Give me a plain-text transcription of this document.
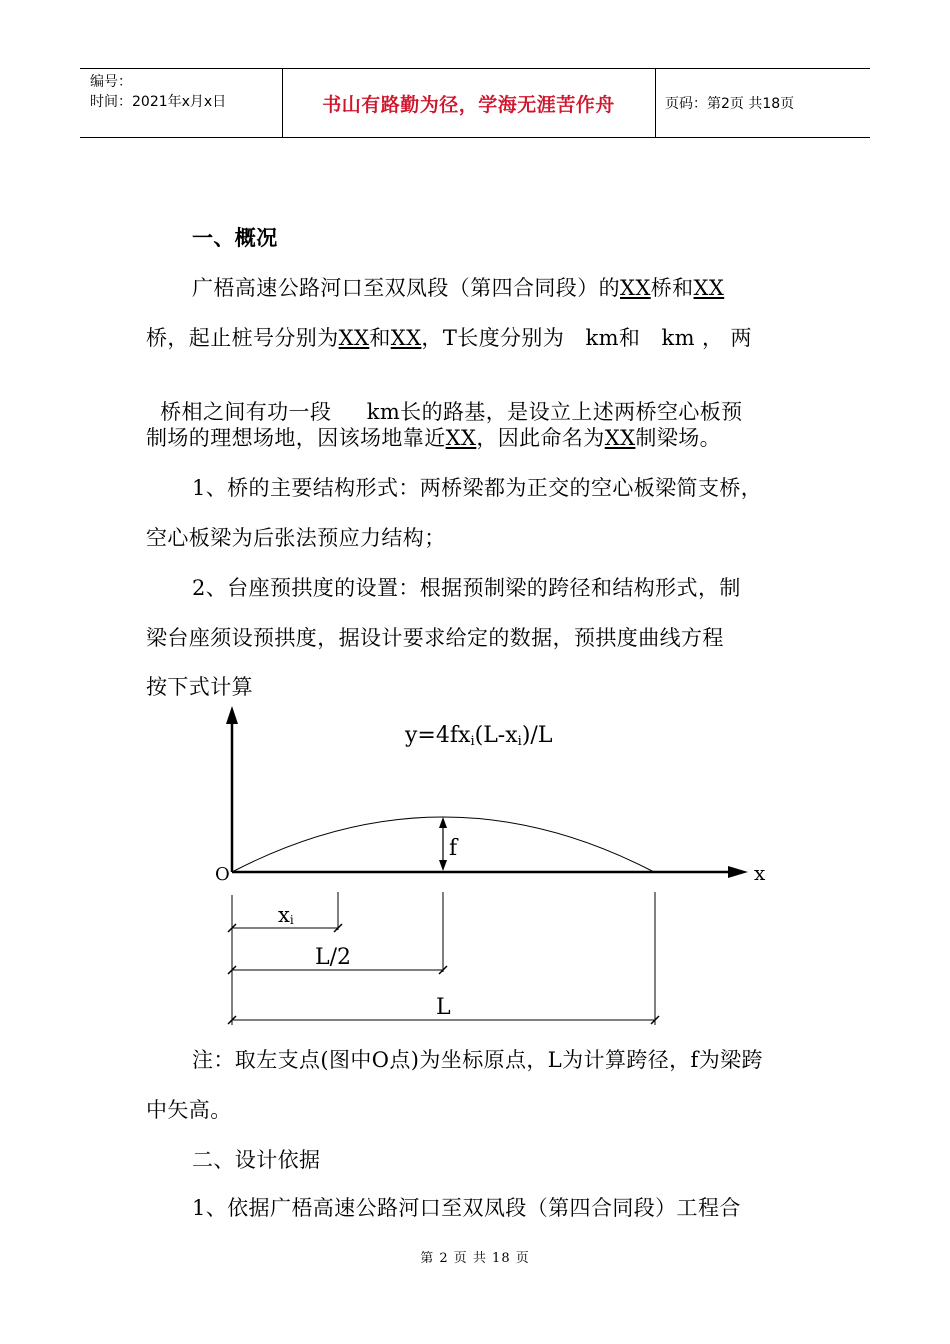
编号：
时间：2021年x月x日	书山有路勤为径，学海无涯苦作舟	页码：第2页 共18页
一、概况
广梧高速公路河口至双凤段（第四合同段）的XX桥和XX
桥，起止桩号分别为XX和XX，T长度分别为   km和   km ， 两

桥相之间有功一段     km长的路基，是设立上述两桥空心板预

制场的理想场地，因该场地靠近XX，因此命名为XX制梁场。
1、桥的主要结构形式：两桥梁都为正交的空心板梁简支桥，
空心板梁为后张法预应力结构；
2、台座预拱度的设置：根据预制梁的跨径和结构形式，制
梁台座须设预拱度，据设计要求给定的数据，预拱度曲线方程
按下式计算
y=4fxi(L-xi)/L
x
O
f
xi
L/2
L
注：取左支点(图中O点)为坐标原点，L为计算跨径，f为梁跨
中矢高。
二、设计依据
1、依据广梧高速公路河口至双凤段（第四合同段）工程合
第 2 页 共 18 页
